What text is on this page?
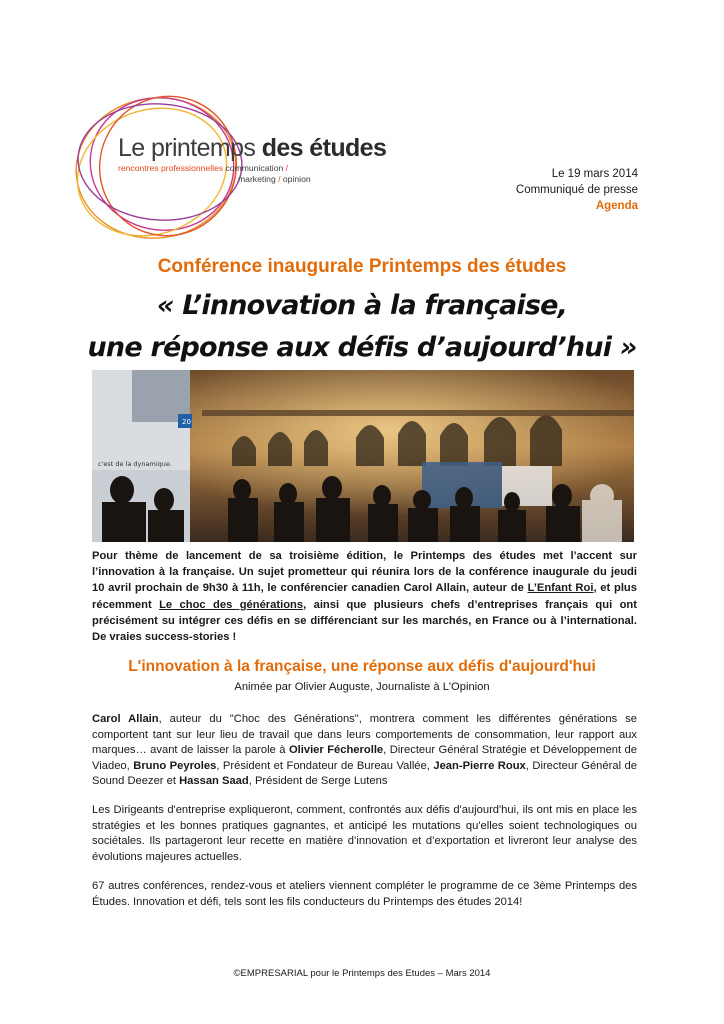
Le printemps des études
rencontres professionnelles communication /
marketing / opinion	Le 19 mars 2014
Communiqué de presse
Agenda
Conférence inaugurale Printemps des études
« L’innovation à la française,
une réponse aux défis d’aujourd’hui »
20
c'est de la dynamique.
Pour thème de lancement de sa troisième édition, le Printemps des études met l’accent sur l’innovation à la française. Un sujet prometteur qui réunira lors de la conférence inaugurale du jeudi 10 avril prochain de 9h30 à 11h, le conférencier canadien Carol Allain, auteur de L’Enfant Roi, et plus récemment Le choc des générations, ainsi que plusieurs chefs d’entreprises français qui ont précisément su intégrer ces défis en se différenciant sur les marchés, en France ou à l’international. De vraies success-stories !
L'innovation à la française, une réponse aux défis d'aujourd'hui
Animée par Olivier Auguste, Journaliste à L'Opinion
Carol Allain, auteur du "Choc des Générations", montrera comment les différentes générations se comportent tant sur leur lieu de travail que dans leurs comportements de consommation, leur rapport aux marques… avant de laisser la parole à Olivier Fécherolle, Directeur Général Stratégie et Développement de Viadeo, Bruno Peyroles, Président et Fondateur de Bureau Vallée, Jean-Pierre Roux, Directeur Général de Sound Deezer et Hassan Saad, Président de Serge Lutens
Les Dirigeants d'entreprise expliqueront, comment, confrontés aux défis d'aujourd'hui, ils ont mis en place les stratégies et les bonnes pratiques gagnantes, et anticipé les mutations qu'elles soient technologiques ou sociétales. Ils partageront leur recette en matière d’innovation et d’exportation et livreront leur analyse des évolutions majeures actuelles.
67 autres conférences, rendez-vous et ateliers viennent compléter le programme de ce 3ème Printemps des Études. Innovation et défi, tels sont les fils conducteurs du Printemps des études 2014!
©EMPRESARIAL pour le Printemps des Etudes – Mars 2014
